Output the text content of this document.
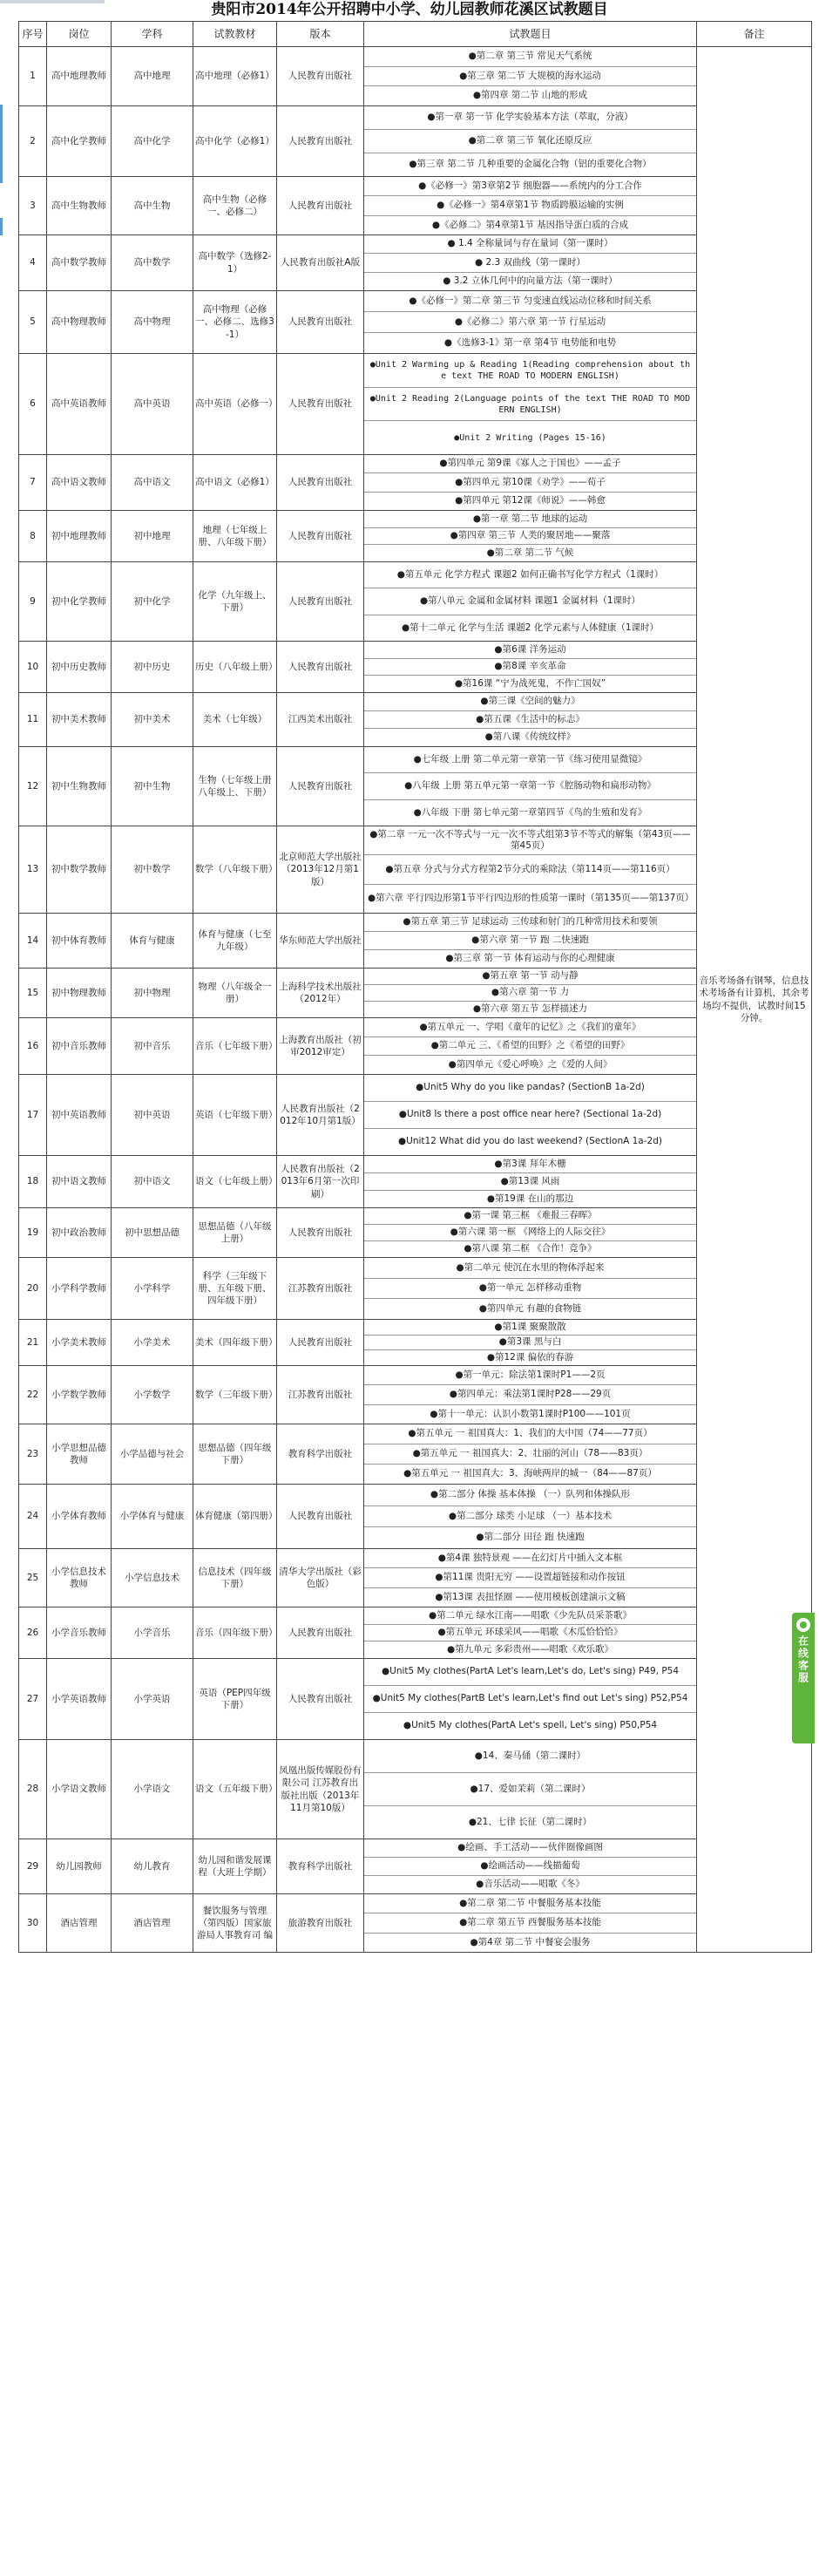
贵阳市2014年公开招聘中小学、幼儿园教师花溪区试教题目
序号	岗位	学科	试教教材	版本	试教题目	备注
1	高中地理教师	高中地理	高中地理（必修1）	人民教育出版社	●第二章 第三节 常见天气系统
●第三章 第二节 大规模的海水运动
●第四章 第二节 山地的形成	音乐考场备有钢琴，信息技术考场备有计算机，其余考场均不提供，试教时间15分钟。
2	高中化学教师	高中化学	高中化学（必修1）	人民教育出版社	●第一章 第一节 化学实验基本方法（萃取，分液）
●第二章 第三节 氧化还原反应
●第三章 第二节 几种重要的金属化合物（铝的重要化合物）	

3	高中生物教师	高中生物	高中生物（必修一、必修二）	人民教育出版社	●《必修一》第3章第2节 细胞器——系统内的分工合作
●《必修一》第4章第1节 物质跨膜运输的实例
●《必修二》第4章第1节 基因指导蛋白质的合成	

4	高中数学教师	高中数学	高中数学（选修2-1）	人民教育出版社A版	● 1.4 全称量词与存在量词（第一课时）
● 2.3 双曲线（第一课时）
● 3.2 立体几何中的向量方法（第一课时）	

5	高中物理教师	高中物理	高中物理（必修一、必修二、选修3-1）	人民教育出版社	●《必修一》第二章 第三节 匀变速直线运动位移和时间关系
●《必修二》第六章 第一节 行星运动
●《选修3-1》第一章 第4节 电势能和电势	

6	高中英语教师	高中英语	高中英语（必修一）	人民教育出版社	●Unit 2 Warming up & Reading 1(Reading comprehension about the text THE ROAD TO MODERN ENGLISH)
●Unit 2 Reading 2(Language points of the text THE ROAD TO MODERN ENGLISH)
●Unit 2 Writing (Pages 15-16)	

7	高中语文教师	高中语文	高中语文（必修1）	人民教育出版社	●第四单元 第9课《寡人之于国也》——孟子
●第四单元 第10课《劝学》——荀子
●第四单元 第12课《师说》——韩愈	

8	初中地理教师	初中地理	地理（七年级上册、八年级下册）	人民教育出版社	●第一章 第二节 地球的运动
●第四章 第三节 人类的聚居地——聚落
●第二章 第二节 气候	

9	初中化学教师	初中化学	化学（九年级上、下册）	人民教育出版社	●第五单元 化学方程式 课题2 如何正确书写化学方程式（1课时）
●第八单元 金属和金属材料 课题1 金属材料（1课时）
●第十二单元 化学与生活 课题2 化学元素与人体健康（1课时）	

10	初中历史教师	初中历史	历史（八年级上册）	人民教育出版社	●第6课 洋务运动
●第8课 辛亥革命
●第16课 “宁为战死鬼，不作亡国奴”	

11	初中美术教师	初中美术	美术（七年级）	江西美术出版社	●第三课《空间的魅力》
●第五课《生活中的标志》
●第八课《传统纹样》	

12	初中生物教师	初中生物	生物（七年级上册 八年级上、下册）	人民教育出版社	●七年级 上册 第二单元第一章第一节《练习使用显微镜》
●八年级 上册 第五单元第一章第一节《腔肠动物和扁形动物》
●八年级 下册 第七单元第一章第四节《鸟的生殖和发育》	

13	初中数学教师	初中数学	数学（八年级下册）	北京师范大学出版社（2013年12月第1版）	●第二章 一元一次不等式与一元一次不等式组第3节不等式的解集（第43页——第45页）
●第五章 分式与分式方程第2节分式的乘除法（第114页——第116页）
●第六章 平行四边形第1节平行四边形的性质第一课时（第135页——第137页）	

14	初中体育教师	体育与健康	体育与健康（七至九年级）	华东师范大学出版社	●第五章 第三节 足球运动 三传球和射门的几种常用技术和要领
●第六章 第一节 跑 二快速跑
●第三章 第一节 体育运动与你的心理健康	

15	初中物理教师	初中物理	物理（八年级全一册）	上海科学技术出版社（2012年）	●第五章 第一节 动与静
●第六章 第一节 力
●第六章 第五节 怎样描述力	

16	初中音乐教师	初中音乐	音乐（七年级下册）	上海教育出版社（初审2012审定）	●第五单元 一、学唱《童年的记忆》之《我们的童年》
●第二单元 三、《希望的田野》之《希望的田野》
●第四单元《爱心呼唤》之《爱的人间》	

17	初中英语教师	初中英语	英语（七年级下册）	人民教育出版社（2012年10月第1版）	●Unit5 Why do you like pandas? (SectionB 1a-2d)
●Unit8 Is there a post office near here? (Sectional 1a-2d)
●Unit12 What did you do last weekend? (SectionA 1a-2d)	

18	初中语文教师	初中语文	语文（七年级上册）	人民教育出版社（2013年6月第一次印刷）	●第3课 拜年木栅
●第13课 风雨
●第19课 在山的那边	

19	初中政治教师	初中思想品德	思想品德（八年级上册）	人民教育出版社	●第一课 第三框 《难报三春晖》
●第六课 第一框 《网络上的人际交往》
●第八课 第二框 《合作！竞争》	

20	小学科学教师	小学科学	科学（三年级下册、五年级下册、四年级下册）	江苏教育出版社	●第二单元 使沉在水里的物体浮起来
●第一单元 怎样移动重物
●第四单元 有趣的食物链	

21	小学美术教师	小学美术	美术（四年级下册）	人民教育出版社	●第1课 聚聚散散
●第3课 黑与白
●第12课 偏依的春游	

22	小学数学教师	小学数学	数学（三年级下册）	江苏教育出版社	●第一单元：除法第1课时P1——2页
●第四单元：乘法第1课时P28——29页
●第十一单元：认识小数第1课时P100——101页	

23	小学思想品德教师	小学品德与社会	思想品德（四年级下册）	教育科学出版社	●第五单元 一 祖国真大：1、我们的大中国（74——77页）
●第五单元 一 祖国真大：2、壮丽的河山（78——83页）
●第五单元 一 祖国真大：3、海峡两岸的城一（84——87页）	

24	小学体育教师	小学体育与健康	体育健康（第四册）	人民教育出版社	●第二部分 体操 基本体操 （一）队列和体操队形
●第二部分 球类 小足球 （一）基本技术
●第二部分 田径 跑 快速跑	

25	小学信息技术教师	小学信息技术	信息技术（四年级下册）	清华大学出版社（彩色版）	●第4课 独特景观 ——在幻灯片中插入文本框
●第11课 贵阳无穷 ——设置超链接和动作按钮
●第13课 表扭怪圈 ——使用模板创建演示文稿	

26	小学音乐教师	小学音乐	音乐（四年级下册）	人民教育出版社	●第二单元 绿水江南——唱歌《少先队员采茶歌》
●第五单元 环球采风——唱歌《木瓜恰恰恰》
●第九单元 多彩贵州——唱歌《欢乐歌》	

27	小学英语教师	小学英语	英语（PEP四年级下册）	人民教育出版社	●Unit5 My clothes(PartA Let's learn,Let's do, Let's sing) P49, P54
●Unit5 My clothes(PartB Let's learn,Let's find out Let's sing) P52,P54
●Unit5 My clothes(PartA Let's spell, Let's sing) P50,P54	

28	小学语文教师	小学语文	语文（五年级下册）	凤凰出版传媒股份有限公司 江苏教育出版社出版（2013年11月第10版）	●14、秦马俑（第二课时）
●17、爱如茉莉（第二课时）
●21、七律 长征（第二课时）	

29	幼儿园教师	幼儿教育	幼儿园和谐发展课程（大班上学期）	教育科学出版社	●绘画、手工活动——伙伴圈像画图
●绘画活动——线描葡萄
●音乐活动——唱歌《冬》	

30	酒店管理	酒店管理	餐饮服务与管理（第四版）国家旅游局人事教育司 编	旅游教育出版社	●第二章 第二节 中餐服务基本技能
●第二章 第五节 西餐服务基本技能
●第4章 第二节 中餐宴会服务	
在线客服
